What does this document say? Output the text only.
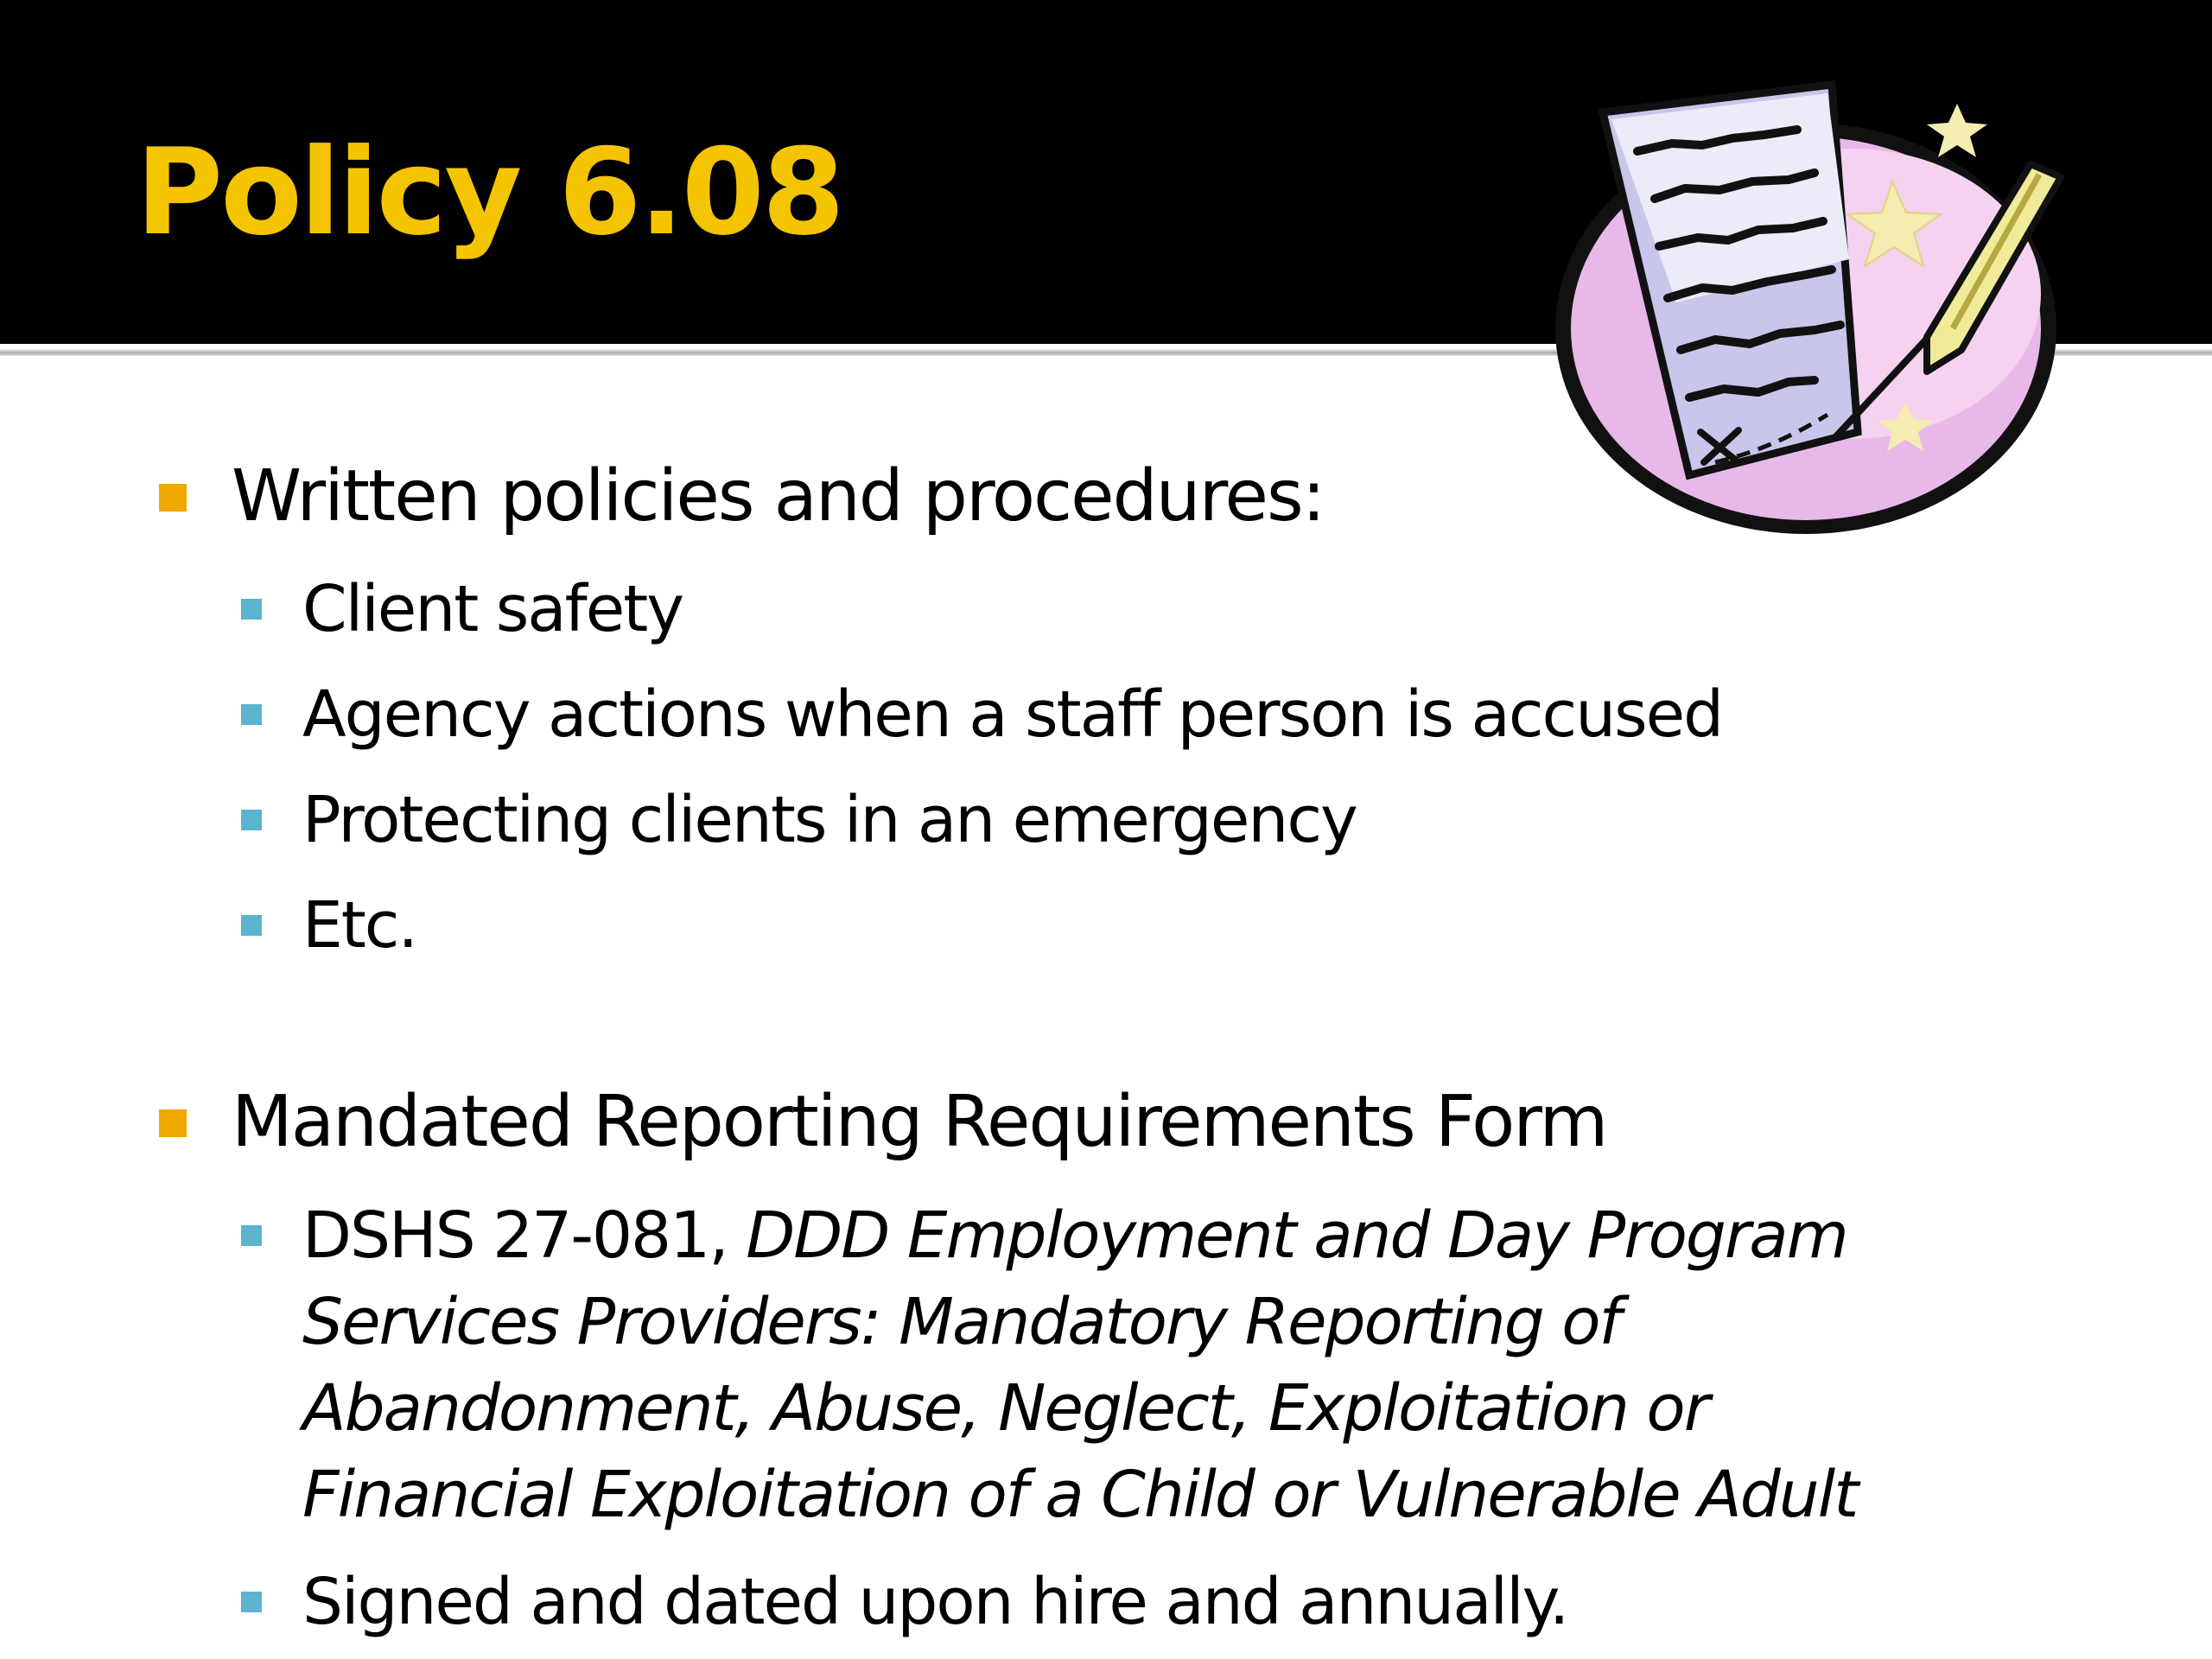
Policy 6.08
Written policies and procedures:
Client safety
Agency actions when a staff person is accused
Protecting clients in an emergency
Etc.
Mandated Reporting Requirements Form
DSHS 27-081, DDD Employment and Day Program Services Providers: Mandatory Reporting of Abandonment, Abuse, Neglect, Exploitation or Financial Exploitation of a Child or Vulnerable Adult
Signed and dated upon hire and annually.
